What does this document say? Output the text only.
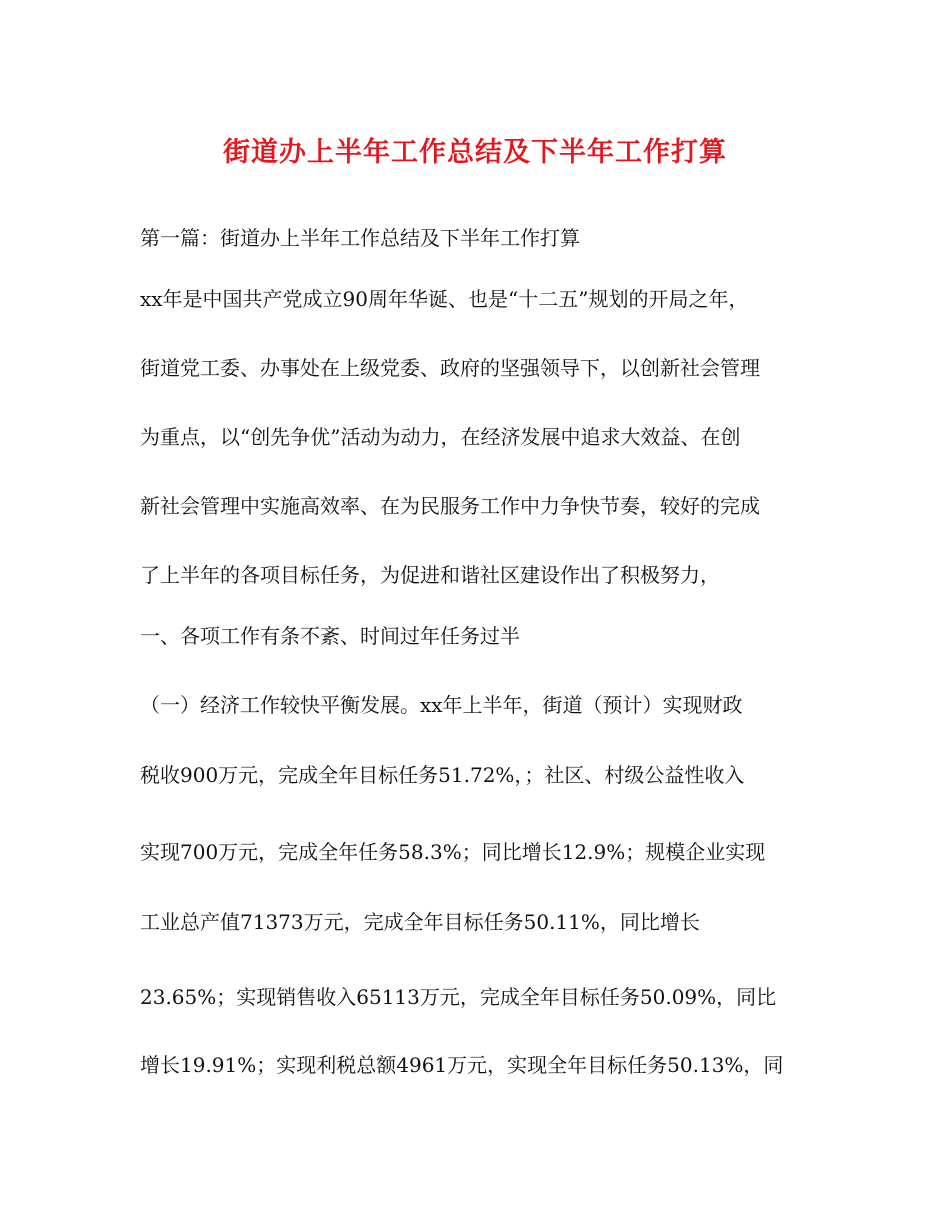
街道办上半年工作总结及下半年工作打算
第一篇：街道办上半年工作总结及下半年工作打算
xx年是中国共产党成立90周年华诞、也是“十二五”规划的开局之年，
街道党工委、办事处在上级党委、政府的坚强领导下，以创新社会管理
为重点，以“创先争优”活动为动力，在经济发展中追求大效益、在创
新社会管理中实施高效率、在为民服务工作中力争快节奏，较好的完成
了上半年的各项目标任务，为促进和谐社区建设作出了积极努力，
一、各项工作有条不紊、时间过年任务过半
（一）经济工作较快平衡发展。xx年上半年，街道（预计）实现财政
税收900万元，完成全年目标任务51.72%，；社区、村级公益性收入
实现700万元，完成全年任务58.3%；同比增长12.9%；规模企业实现
工业总产值71373万元，完成全年目标任务50.11%，同比增长
23.65%；实现销售收入65113万元，完成全年目标任务50.09%，同比
增长19.91%；实现利税总额4961万元，实现全年目标任务50.13%，同
